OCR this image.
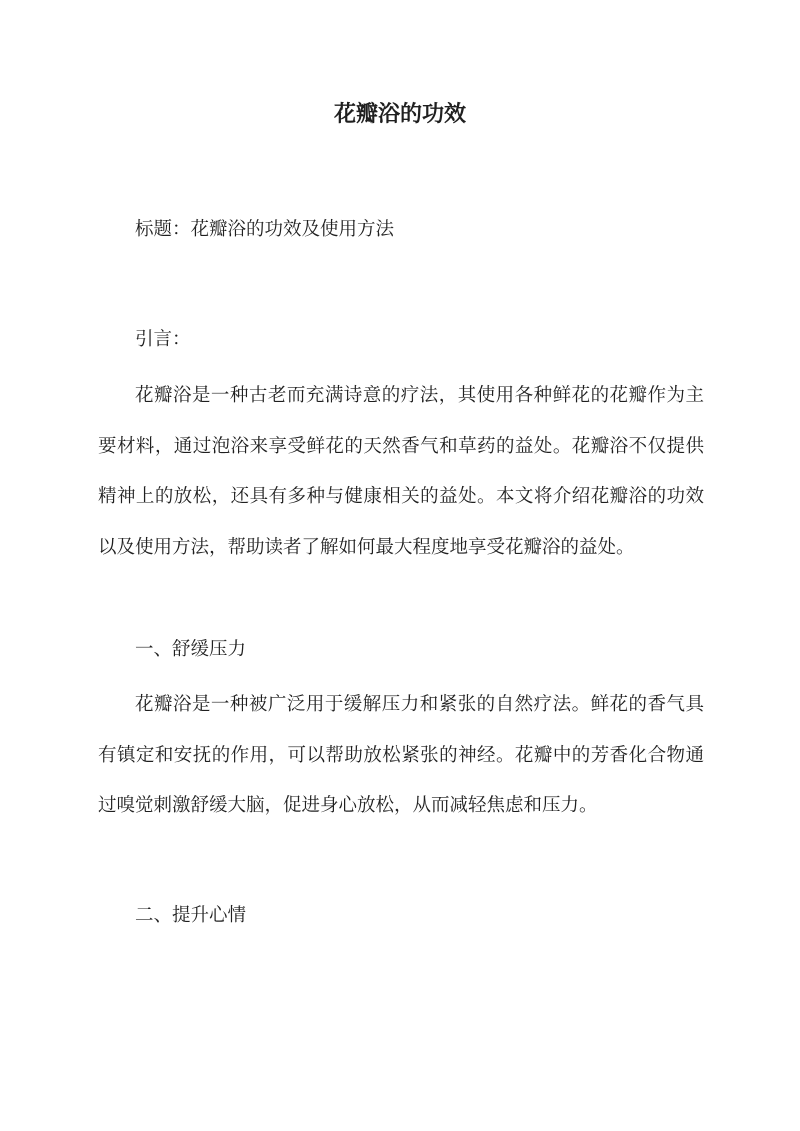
花瓣浴的功效

标题：花瓣浴的功效及使用方法

引言：

花瓣浴是一种古老而充满诗意的疗法，其使用各种鲜花的花瓣作为主要材料，通过泡浴来享受鲜花的天然香气和草药的益处。花瓣浴不仅提供精神上的放松，还具有多种与健康相关的益处。本文将介绍花瓣浴的功效以及使用方法，帮助读者了解如何最大程度地享受花瓣浴的益处。

一、舒缓压力

花瓣浴是一种被广泛用于缓解压力和紧张的自然疗法。鲜花的香气具有镇定和安抚的作用，可以帮助放松紧张的神经。花瓣中的芳香化合物通过嗅觉刺激舒缓大脑，促进身心放松，从而减轻焦虑和压力。

二、提升心情
